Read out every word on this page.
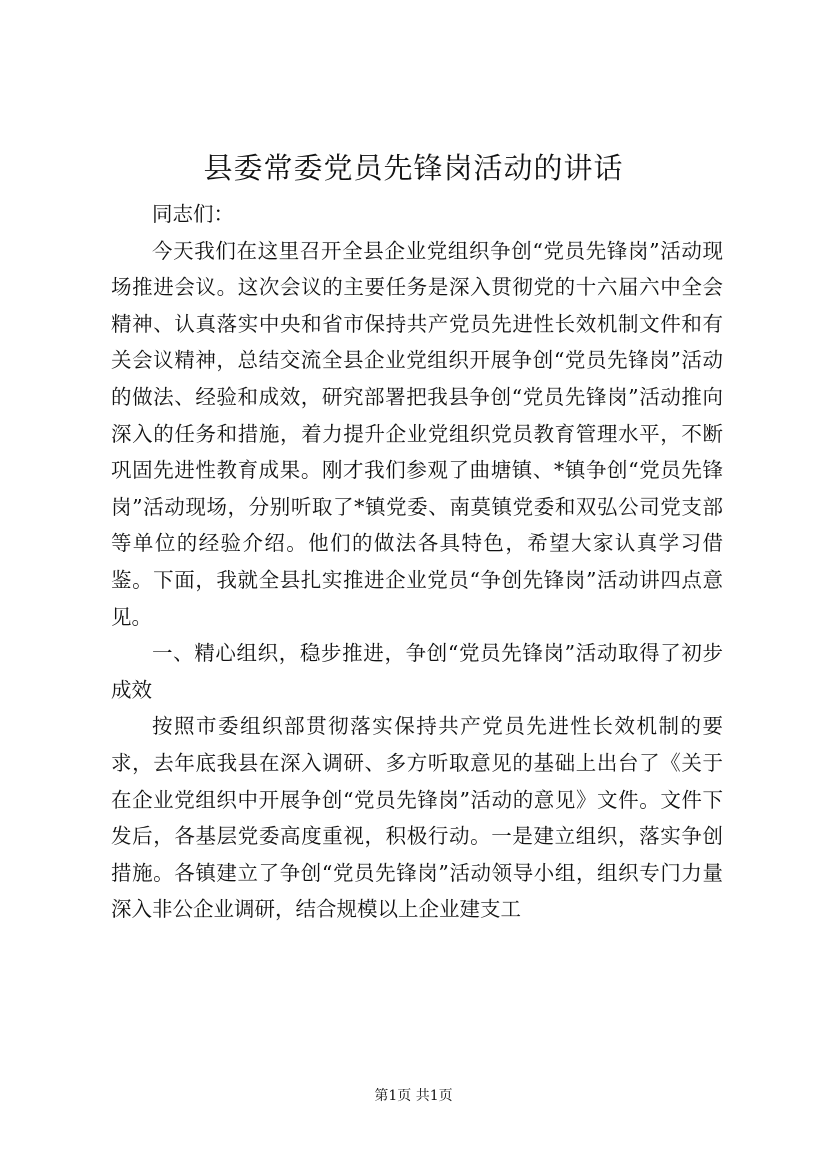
县委常委党员先锋岗活动的讲话

同志们：

今天我们在这里召开全县企业党组织争创“党员先锋岗”活动现场推进会议。这次会议的主要任务是深入贯彻党的十六届六中全会精神、认真落实中央和省市保持共产党员先进性长效机制文件和有关会议精神，总结交流全县企业党组织开展争创“党员先锋岗”活动的做法、经验和成效，研究部署把我县争创“党员先锋岗”活动推向深入的任务和措施，着力提升企业党组织党员教育管理水平，不断巩固先进性教育成果。刚才我们参观了曲塘镇、*镇争创“党员先锋岗”活动现场，分别听取了*镇党委、南莫镇党委和双弘公司党支部等单位的经验介绍。他们的做法各具特色，希望大家认真学习借鉴。下面，我就全县扎实推进企业党员“争创先锋岗”活动讲四点意见。

一、精心组织，稳步推进，争创“党员先锋岗”活动取得了初步成效

按照市委组织部贯彻落实保持共产党员先进性长效机制的要求，去年底我县在深入调研、多方听取意见的基础上出台了《关于在企业党组织中开展争创“党员先锋岗”活动的意见》文件。文件下发后，各基层党委高度重视，积极行动。一是建立组织，落实争创措施。各镇建立了争创“党员先锋岗”活动领导小组，组织专门力量深入非公企业调研，结合规模以上企业建支工

第1页 共1页
